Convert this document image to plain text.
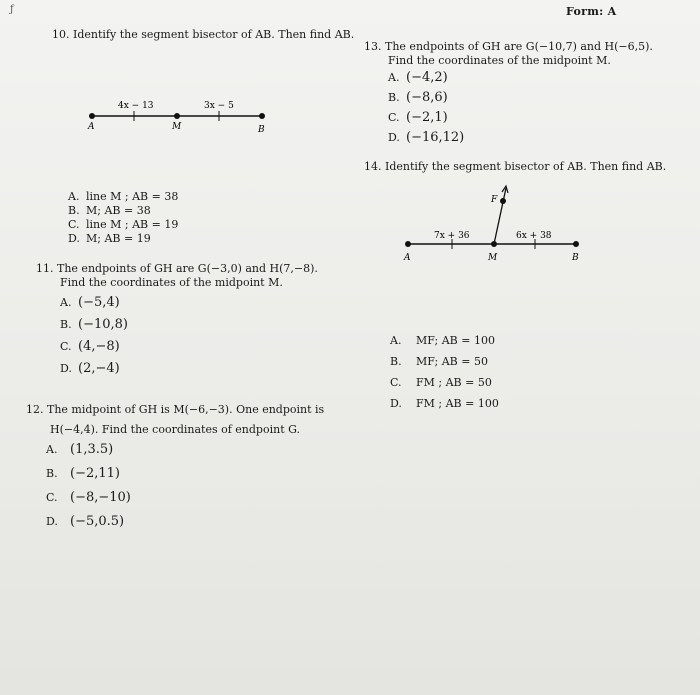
ƒ	Form: A
10. Identify the segment bisector of AB. Then find AB.
4x − 13	3x − 5
A	M	B
A. line M ; AB = 38
B. M; AB = 38
C. line M ; AB = 19
D. M; AB = 19
11. The endpoints of GH are G(−3,0) and H(7,−8).
Find the coordinates of the midpoint M.
A. (−5,4)
B. (−10,8)
C. (4,−8)
D. (2,−4)
12. The midpoint of GH is M(−6,−3). One endpoint is
H(−4,4). Find the coordinates of endpoint G.
A. (1,3.5)
B. (−2,11)
C. (−8,−10)
D. (−5,0.5)
13. The endpoints of GH are G(−10,7) and H(−6,5).
Find the coordinates of the midpoint M.
A. (−4,2)
B. (−8,6)
C. (−2,1)
D. (−16,12)
14. Identify the segment bisector of AB. Then find AB.
7x + 36	6x + 38
F
A	M	B
A. MF; AB = 100
B. MF; AB = 50
C. FM ; AB = 50
D. FM ; AB = 100
